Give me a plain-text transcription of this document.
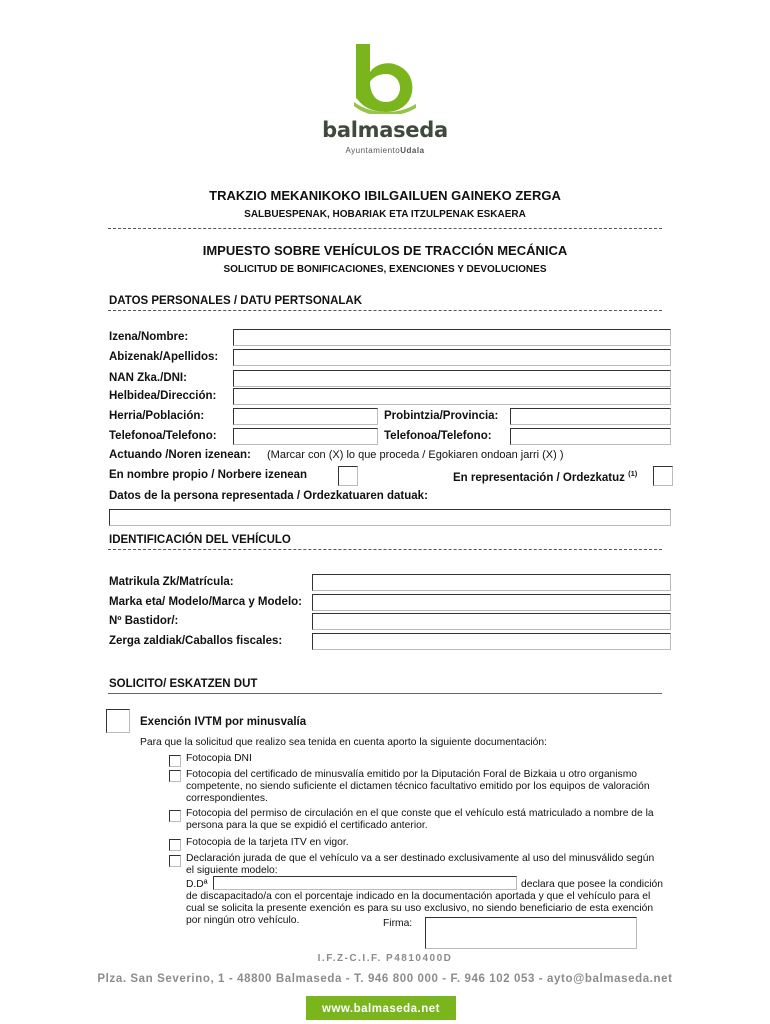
balmaseda
AyuntamientoUdala
TRAKZIO MEKANIKOKO IBILGAILUEN GAINEKO ZERGA
SALBUESPENAK, HOBARIAK ETA ITZULPENAK ESKAERA
IMPUESTO SOBRE VEHÍCULOS DE TRACCIÓN MECÁNICA
SOLICITUD DE BONIFICACIONES, EXENCIONES Y DEVOLUCIONES
DATOS PERSONALES / DATU PERTSONALAK
Izena/Nombre:
Abizenak/Apellidos:
NAN Zka./DNI:
Helbidea/Dirección:
Herria/Población:	Probintzia/Provincia:
Telefonoa/Telefono:	Telefonoa/Telefono:
Actuando /Noren izenean: (Marcar con (X) lo que proceda / Egokiaren ondoan jarri (X) )
En nombre propio / Norbere izenean	En representación / Ordezkatuz $^{(1)}$
Datos de la persona representada / Ordezkatuaren datuak:
IDENTIFICACIÓN DEL VEHÍCULO
Matrikula Zk/Matrícula:
Marka eta/ Modelo/Marca y Modelo:
Nº Bastidor/:
Zerga zaldiak/Caballos fiscales:
SOLICITO/ ESKATZEN DUT
Exención IVTM por minusvalía
Para que la solicitud que realizo sea tenida en cuenta aporto la siguiente documentación:
Fotocopia DNI
Fotocopia del certificado de minusvalía emitido por la Diputación Foral de Bizkaia u otro organismo
competente, no siendo suficiente el dictamen técnico facultativo emitido por los equipos de valoración
correspondientes.
Fotocopia del permiso de circulación en el que conste que el vehículo está matriculado a nombre de la
persona para la que se expidió el certificado anterior.
Fotocopia de la tarjeta ITV en vigor.
Declaración jurada de que el vehículo va a ser destinado exclusivamente al uso del minusválido según
el siguiente modelo:
D.Dª	declara que posee la condición
de discapacitado/a con el porcentaje indicado en la documentación aportada y que el vehículo para el
cual se solicita la presente exención es para su uso exclusivo, no siendo beneficiario de esta exención
por ningún otro vehículo.	Firma:
I.F.Z-C.I.F. P4810400D
Plza. San Severino, 1 - 48800 Balmaseda - T. 946 800 000 - F. 946 102 053 - ayto@balmaseda.net
www.balmaseda.net
